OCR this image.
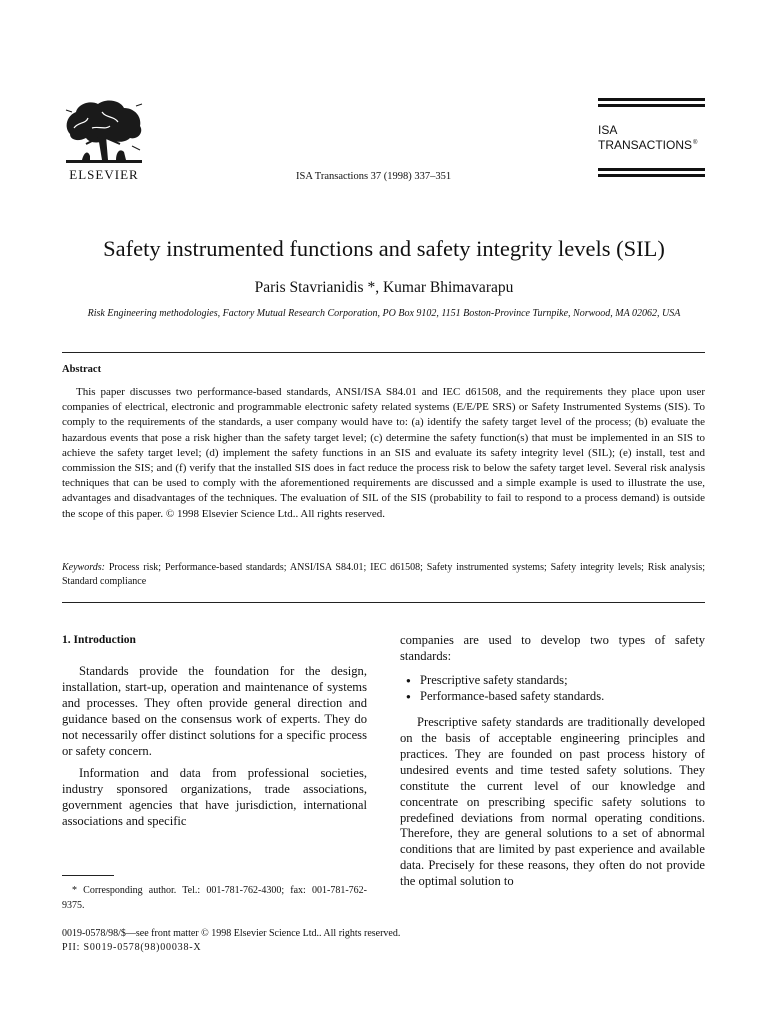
ELSEVIER	ISA Transactions 37 (1998) 337–351
ISA
TRANSACTIONS®
Safety instrumented functions and safety integrity levels (SIL)
Paris Stavrianidis *, Kumar Bhimavarapu
Risk Engineering methodologies, Factory Mutual Research Corporation, PO Box 9102, 1151 Boston-Province Turnpike, Norwood, MA 02062, USA
Abstract

This paper discusses two performance-based standards, ANSI/ISA S84.01 and IEC d61508, and the requirements they place upon user companies of electrical, electronic and programmable electronic safety related systems (E/E/PE SRS) or Safety Instrumented Systems (SIS). To comply to the requirements of the standards, a user company would have to: (a) identify the safety target level of the process; (b) evaluate the hazardous events that pose a risk higher than the safety target level; (c) determine the safety function(s) that must be implemented in an SIS to achieve the safety target level; (d) implement the safety functions in an SIS and evaluate its safety integrity level (SIL); (e) install, test and commission the SIS; and (f) verify that the installed SIS does in fact reduce the process risk to below the safety target level. Several risk analysis techniques that can be used to comply with the aforementioned requirements are discussed and a simple example is used to illustrate the use, advantages and disadvantages of the techniques. The evaluation of SIL of the SIS (probability to fail to respond to a process demand) is outside the scope of this paper. © 1998 Elsevier Science Ltd.. All rights reserved.

Keywords: Process risk; Performance-based standards; ANSI/ISA S84.01; IEC d61508; Safety instrumented systems; Safety integrity levels; Risk analysis; Standard compliance

1. Introduction

Standards provide the foundation for the design, installation, start-up, operation and maintenance of systems and processes. They often provide general direction and guidance based on the consensus work of experts. They do not necessarily offer distinct solutions for a specific process or safety concern.

Information and data from professional societies, industry sponsored organizations, trade associations, government agencies that have jurisdiction, international associations and specific

companies are used to develop two types of safety standards:

● Prescriptive safety standards;
● Performance-based safety standards.

Prescriptive safety standards are traditionally developed on the basis of acceptable engineering principles and practices. They are founded on past process history of undesired events and time tested safety solutions. They constitute the current level of our knowledge and concentrate on prescribing specific safety solutions to predefined deviations from normal operating conditions. Therefore, they are general solutions to a set of abnormal conditions that are limited by past experience and available data. Precisely for these reasons, they often do not provide the optimal solution to

* Corresponding author. Tel.: 001-781-762-4300; fax: 001-781-762-9375.

0019-0578/98/$—see front matter © 1998 Elsevier Science Ltd.. All rights reserved.
PII: S0019-0578(98)00038-X
